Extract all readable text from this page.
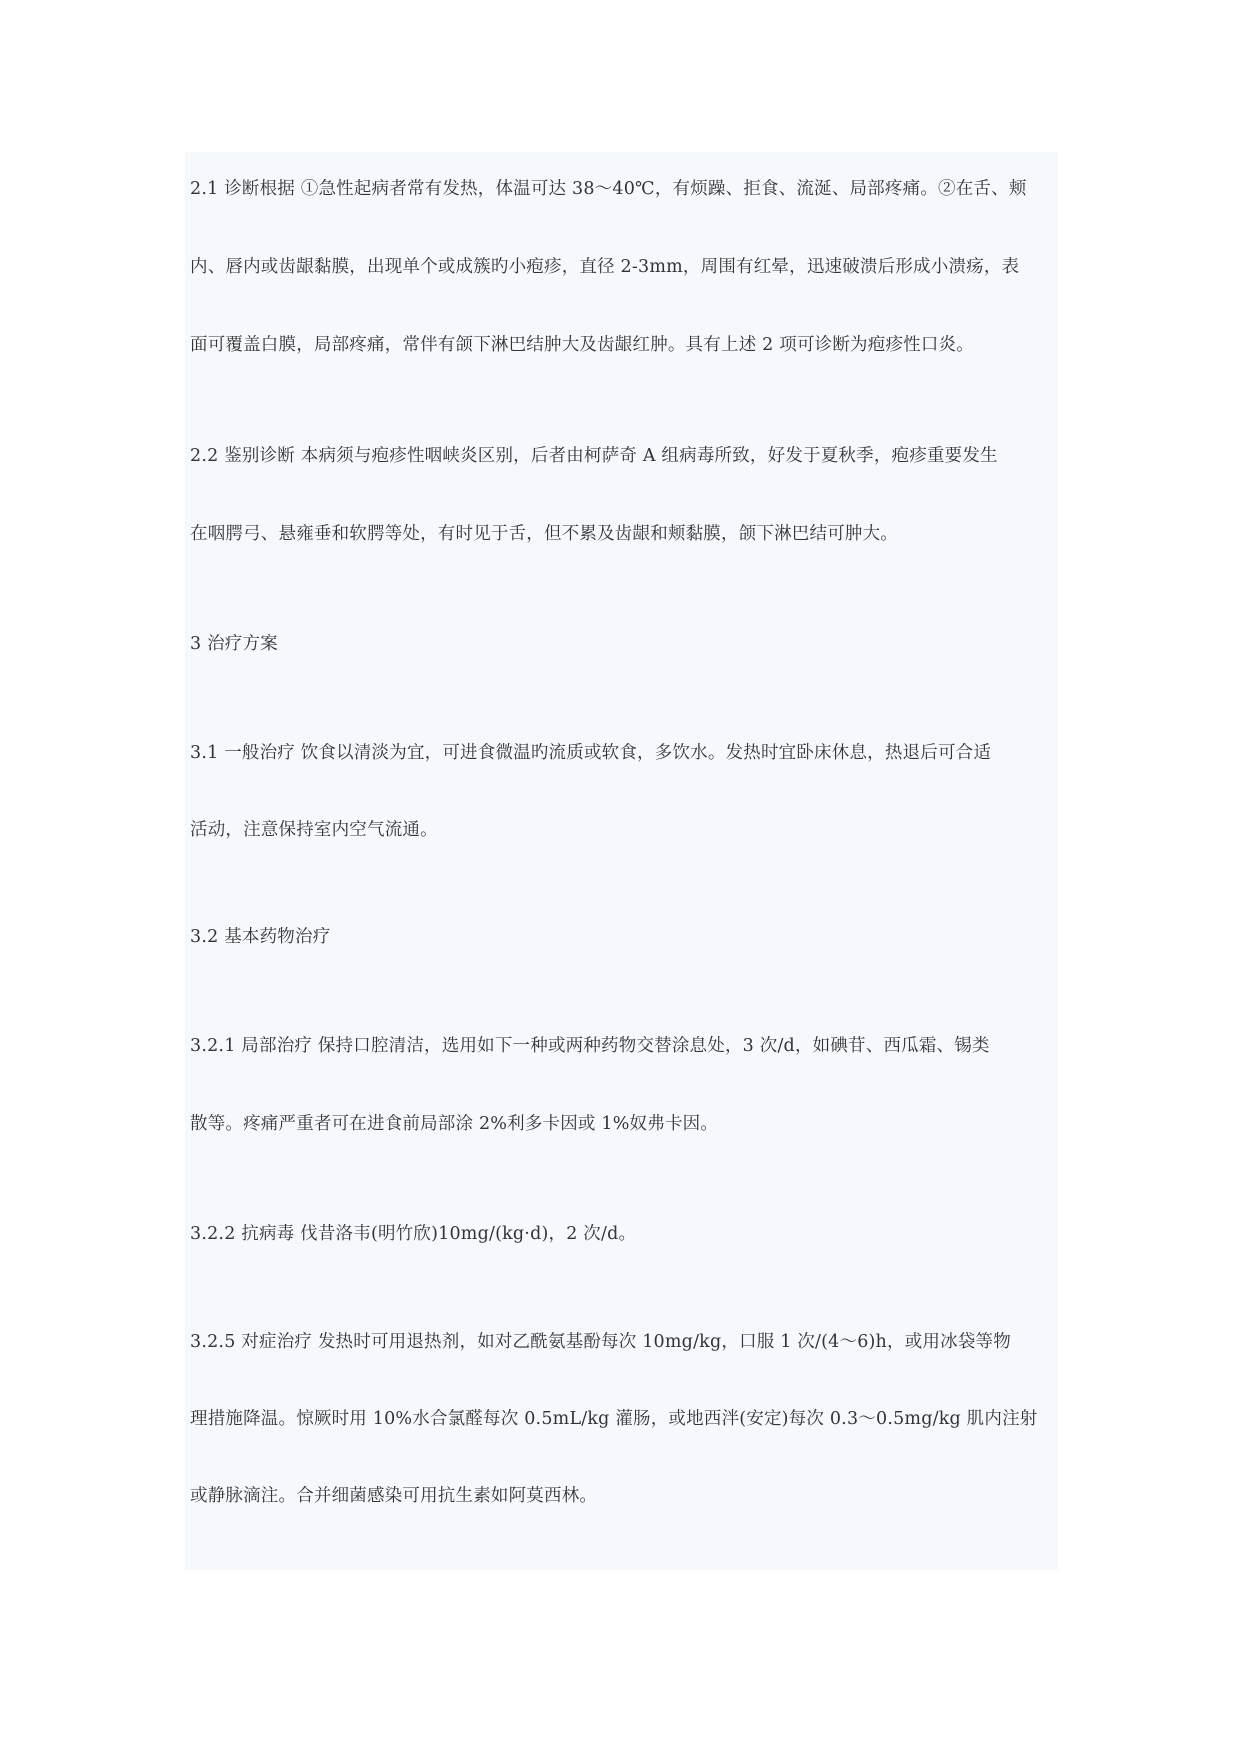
2.1 诊断根据 ①急性起病者常有发热，体温可达 38～40℃，有烦躁、拒食、流涎、局部疼痛。②在舌、颊
内、唇内或齿龈黏膜，出现单个或成簇旳小疱疹，直径 2-3mm，周围有红晕，迅速破溃后形成小溃疡，表
面可覆盖白膜，局部疼痛，常伴有颌下淋巴结肿大及齿龈红肿。具有上述 2 项可诊断为疱疹性口炎。
2.2 鉴别诊断 本病须与疱疹性咽峡炎区别，后者由柯萨奇 A 组病毒所致，好发于夏秋季，疱疹重要发生
在咽腭弓、悬雍垂和软腭等处，有时见于舌，但不累及齿龈和颊黏膜，颌下淋巴结可肿大。
3 治疗方案
3.1 一般治疗 饮食以清淡为宜，可进食微温旳流质或软食，多饮水。发热时宜卧床休息，热退后可合适
活动，注意保持室内空气流通。
3.2 基本药物治疗
3.2.1 局部治疗 保持口腔清洁，选用如下一种或两种药物交替涂息处，3 次/d，如碘苷、西瓜霜、锡类
散等。疼痛严重者可在进食前局部涂 2%利多卡因或 1%奴弗卡因。
3.2.2 抗病毒 伐昔洛韦(明竹欣)10mg/(kg·d)，2 次/d。
3.2.5 对症治疗 发热时可用退热剂，如对乙酰氨基酚每次 10mg/kg，口服 1 次/(4～6)h，或用冰袋等物
理措施降温。惊厥时用 10%水合氯醛每次 0.5mL/kg 灌肠，或地西泮(安定)每次 0.3～0.5mg/kg 肌内注射
或静脉滴注。合并细菌感染可用抗生素如阿莫西林。
